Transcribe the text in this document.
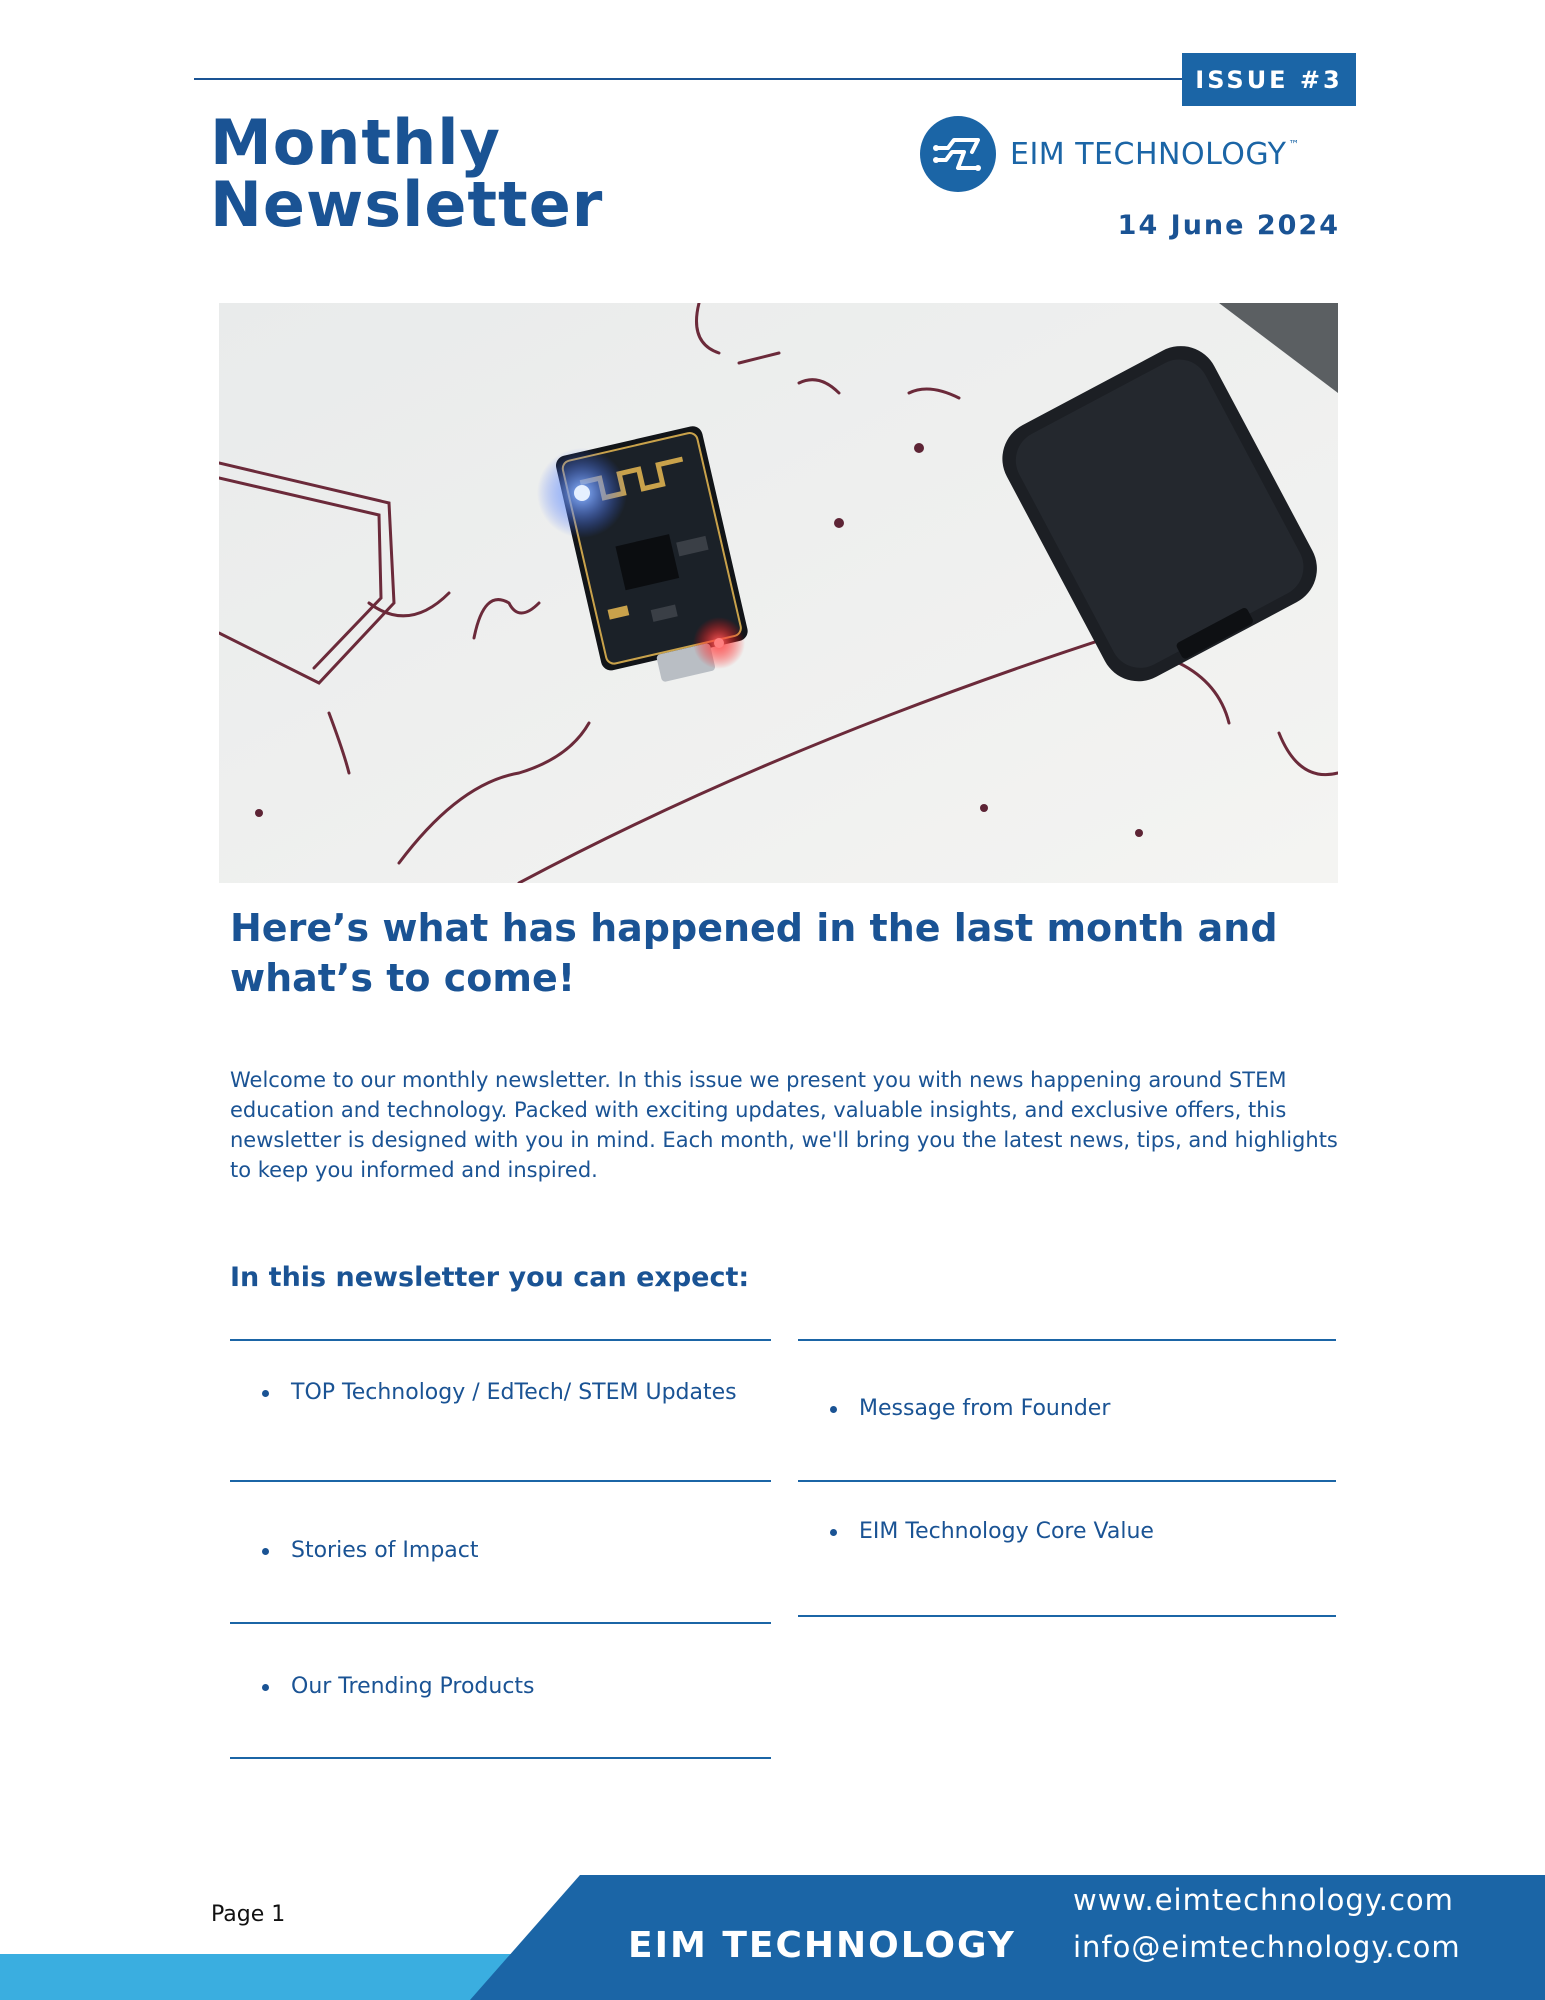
ISSUE #3
Monthly
Newsletter
EIM TECHNOLOGY ™
14 June 2024
Here’s what has happened in the last month and what’s to come!

Welcome to our monthly newsletter. In this issue we present you with news happening around STEM education and technology. Packed with exciting updates, valuable insights, and exclusive offers, this newsletter is designed with you in mind. Each month, we'll bring you the latest news, tips, and highlights to keep you informed and inspired.

In this newsletter you can expect:
TOP Technology / EdTech/ STEM Updates
Stories of Impact
Our Trending Products
Message from Founder
EIM Technology Core Value
Page 1
EIM TECHNOLOGY
www.eimtechnology.com
info@eimtechnology.com
